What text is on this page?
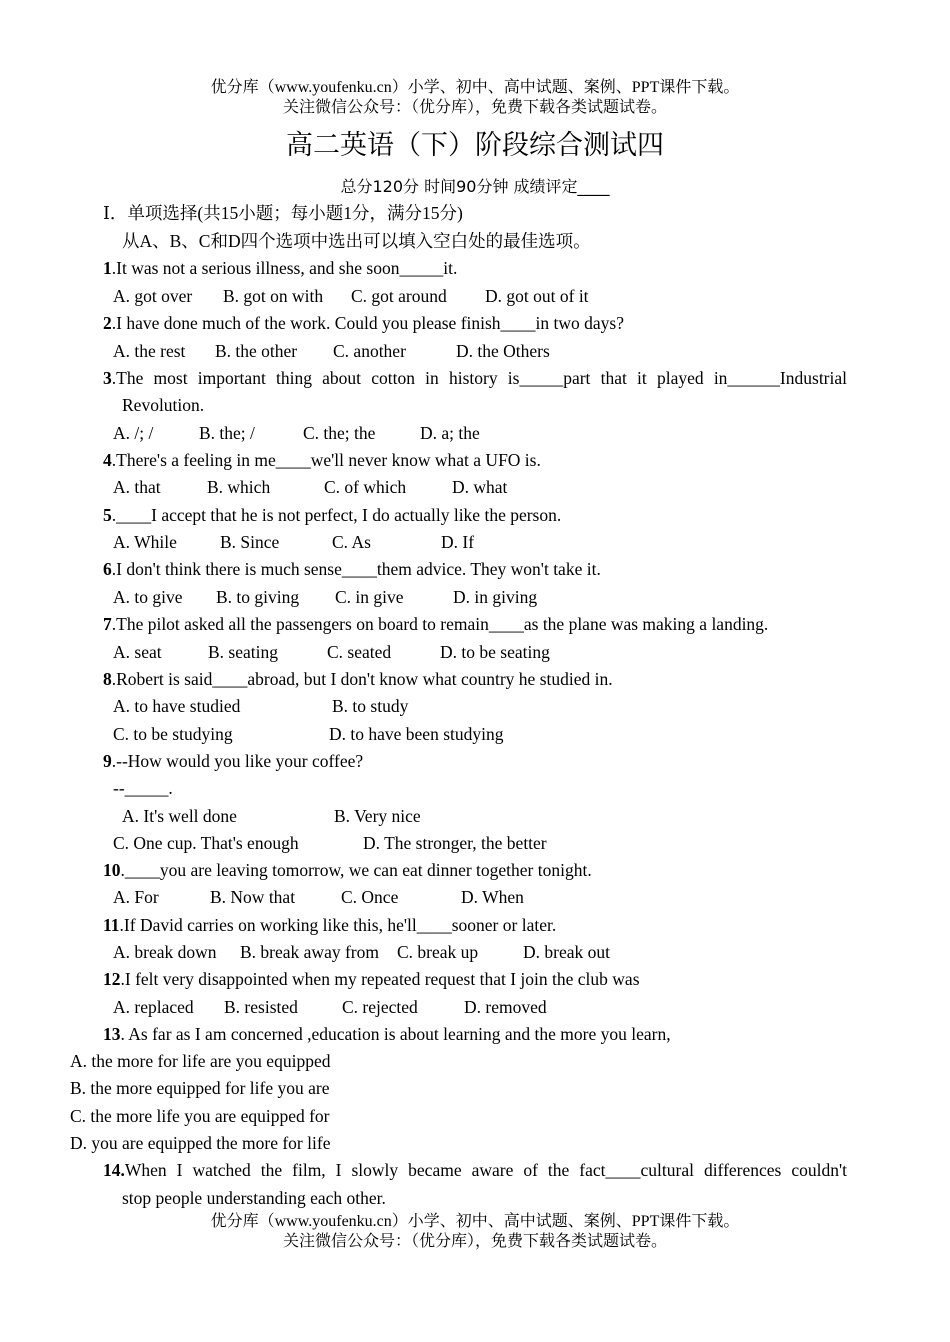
优分库（www.youfenku.cn）小学、初中、高中试题、案例、PPT课件下载。
关注微信公众号：（优分库），免费下载各类试题试卷。
高二英语（下）阶段综合测试四
总分120分 时间90分钟 成绩评定____
Ⅰ．单项选择(共15小题；每小题1分，满分15分)
从A、B、C和D四个选项中选出可以填入空白处的最佳选项。
1.It was not a serious illness, and she soon_____it.
A. got over B. got on with C. got around D. got out of it
2.I have done much of the work. Could you please finish____in two days?
A. the rest B. the other C. another	D. the Others
3.The most important thing about cotton in history is_____part that it played in______Industrial
Revolution.
A. /; /	B. the; /	C. the; the	D. a; the
4.There's a feeling in me____we'll never know what a UFO is.
A. that	B. which	C. of which	D. what
5.____I accept that he is not perfect, I do actually like the person.
A. While B. Since	C. As	D. If
6.I don't think there is much sense____them advice. They won't take it.
A. to give B. to giving C. in give	D. in giving
7.The pilot asked all the passengers on board to remain____as the plane was making a landing.
A. seat	B. seating	C. seated	D. to be seating
8.Robert is said____abroad, but I don't know what country he studied in.
A. to have studied	B. to study
C. to be studying	D. to have been studying
9.--How would you like your coffee?
--_____.
A. It's well done	B. Very nice
C. One cup. That's enough	D. The stronger, the better
10.____you are leaving tomorrow, we can eat dinner together tonight.
A. For	B. Now that	C. Once	D. When
11.If David carries on working like this, he'll____sooner or later.
A. break down B. break away from C. break up	D. break out
12.I felt very disappointed when my repeated request that I join the club was
A. replaced B. resisted	C. rejected	D. removed
13. As far as I am concerned ,education is about learning and the more you learn,
A. the more for life are you equipped
B. the more equipped for life you are
C. the more life you are equipped for
D. you are equipped the more for life
14.When I watched the film, I slowly became aware of the fact____cultural differences couldn't
stop people understanding each other.
优分库（www.youfenku.cn）小学、初中、高中试题、案例、PPT课件下载。
关注微信公众号：（优分库），免费下载各类试题试卷。
